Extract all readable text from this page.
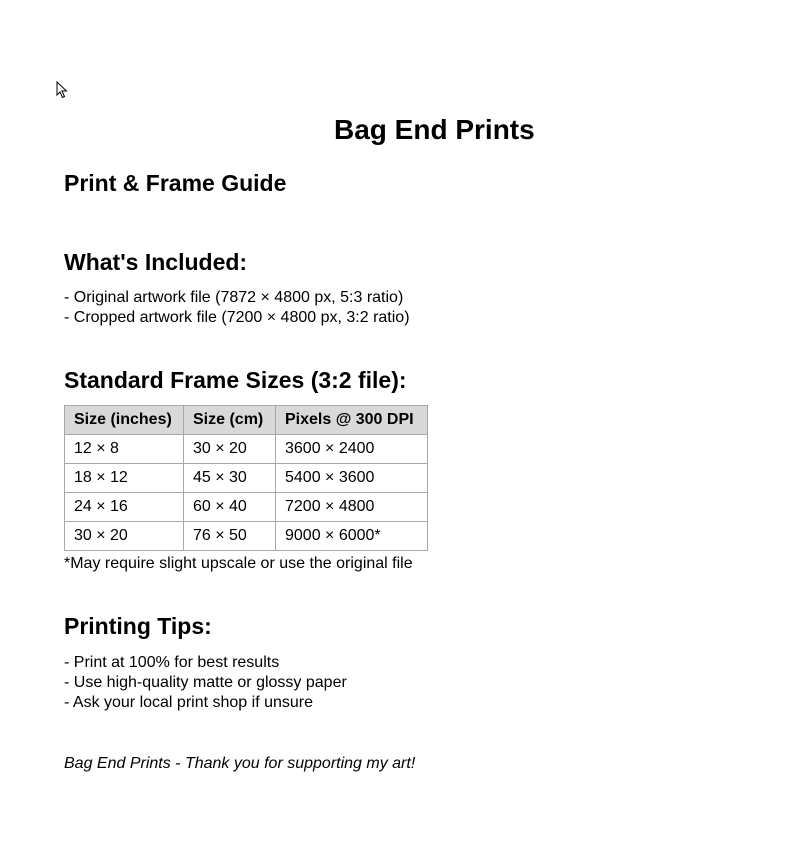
Bag End Prints
Print & Frame Guide
What's Included:
- Original artwork file (7872 × 4800 px, 5:3 ratio)
- Cropped artwork file (7200 × 4800 px, 3:2 ratio)
Standard Frame Sizes (3:2 file):
Size (inches)	Size (cm)	Pixels @ 300 DPI
12 × 8	30 × 20	3600 × 2400
18 × 12	45 × 30	5400 × 3600
24 × 16	60 × 40	7200 × 4800
30 × 20	76 × 50	9000 × 6000*

*May require slight upscale or use the original file

Printing Tips:
- Print at 100% for best results
- Use high-quality matte or glossy paper
- Ask your local print shop if unsure

Bag End Prints - Thank you for supporting my art!
